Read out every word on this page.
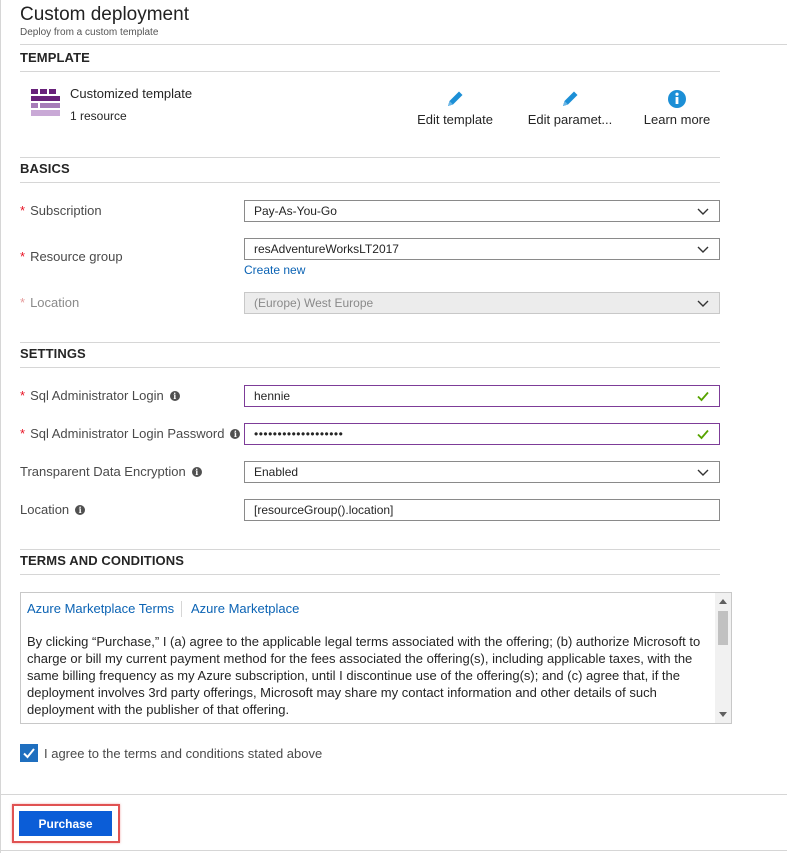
Custom deployment
Deploy from a custom template
TEMPLATE
Customized template
1 resource	Edit template	Edit paramet... Learn more
BASICS
* Subscription	Pay-As-You-Go
* Resource group	resAdventureWorksLT2017
Create new
* Location	(Europe) West Europe
SETTINGS
* Sql Administrator Login	i	hennie
* Sql Administrator Login Password	i •••••••••••••••••••
Transparent Data Encryption	i	Enabled
Location	i	[resourceGroup().location]
TERMS AND CONDITIONS
Azure Marketplace Terms Azure Marketplace
By clicking “Purchase,” I (a) agree to the applicable legal terms associated with the offering; (b) authorize Microsoft to charge or bill my current payment method for the fees associated the offering(s), including applicable taxes, with the same billing frequency as my Azure subscription, until I discontinue use of the offering(s); and (c) agree that, if the deployment involves 3rd party offerings, Microsoft may share my contact information and other details of such deployment with the publisher of that offering.
I agree to the terms and conditions stated above
Purchase
